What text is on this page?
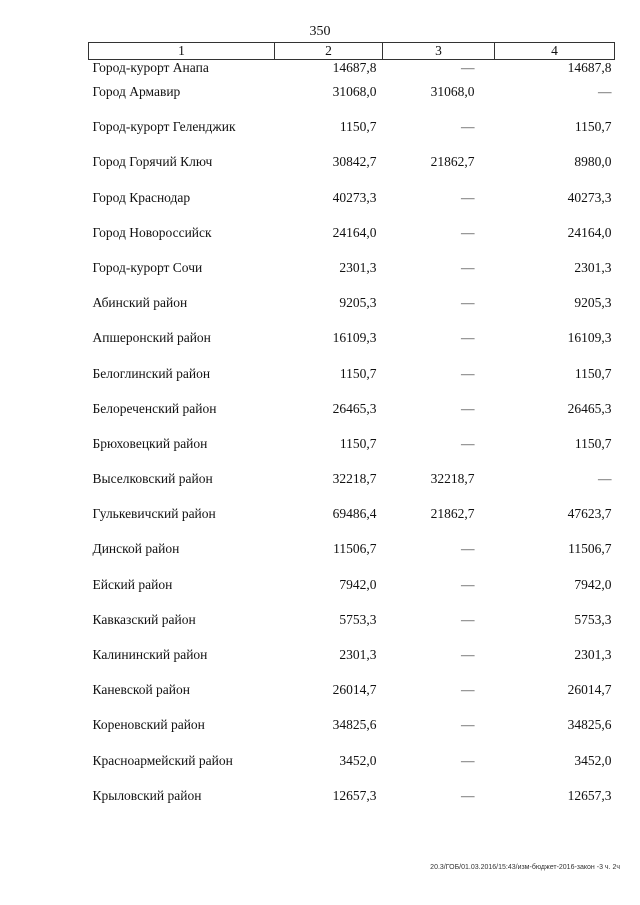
350
1	2	3	4
Город-курорт Анапа	14687,8	—	14687,8
Город Армавир	31068,0	31068,0	—
Город-курорт Геленджик	1150,7	—	1150,7
Город Горячий Ключ	30842,7	21862,7	8980,0
Город Краснодар	40273,3	—	40273,3
Город Новороссийск	24164,0	—	24164,0
Город-курорт Сочи	2301,3	—	2301,3
Абинский район	9205,3	—	9205,3
Апшеронский район	16109,3	—	16109,3
Белоглинский район	1150,7	—	1150,7
Белореченский район	26465,3	—	26465,3
Брюховецкий район	1150,7	—	1150,7
Выселковский район	32218,7	32218,7	—
Гулькевичский район	69486,4	21862,7	47623,7
Динской район	11506,7	—	11506,7
Ейский район	7942,0	—	7942,0
Кавказский район	5753,3	—	5753,3
Калининский район	2301,3	—	2301,3
Каневской район	26014,7	—	26014,7
Кореновский район	34825,6	—	34825,6
Красноармейский район	3452,0	—	3452,0
Крыловский район	12657,3	—	12657,3
20.3/ГОБ/01.03.2016/15:43/изм-бюджет-2016-закон -3 ч. 2ч
